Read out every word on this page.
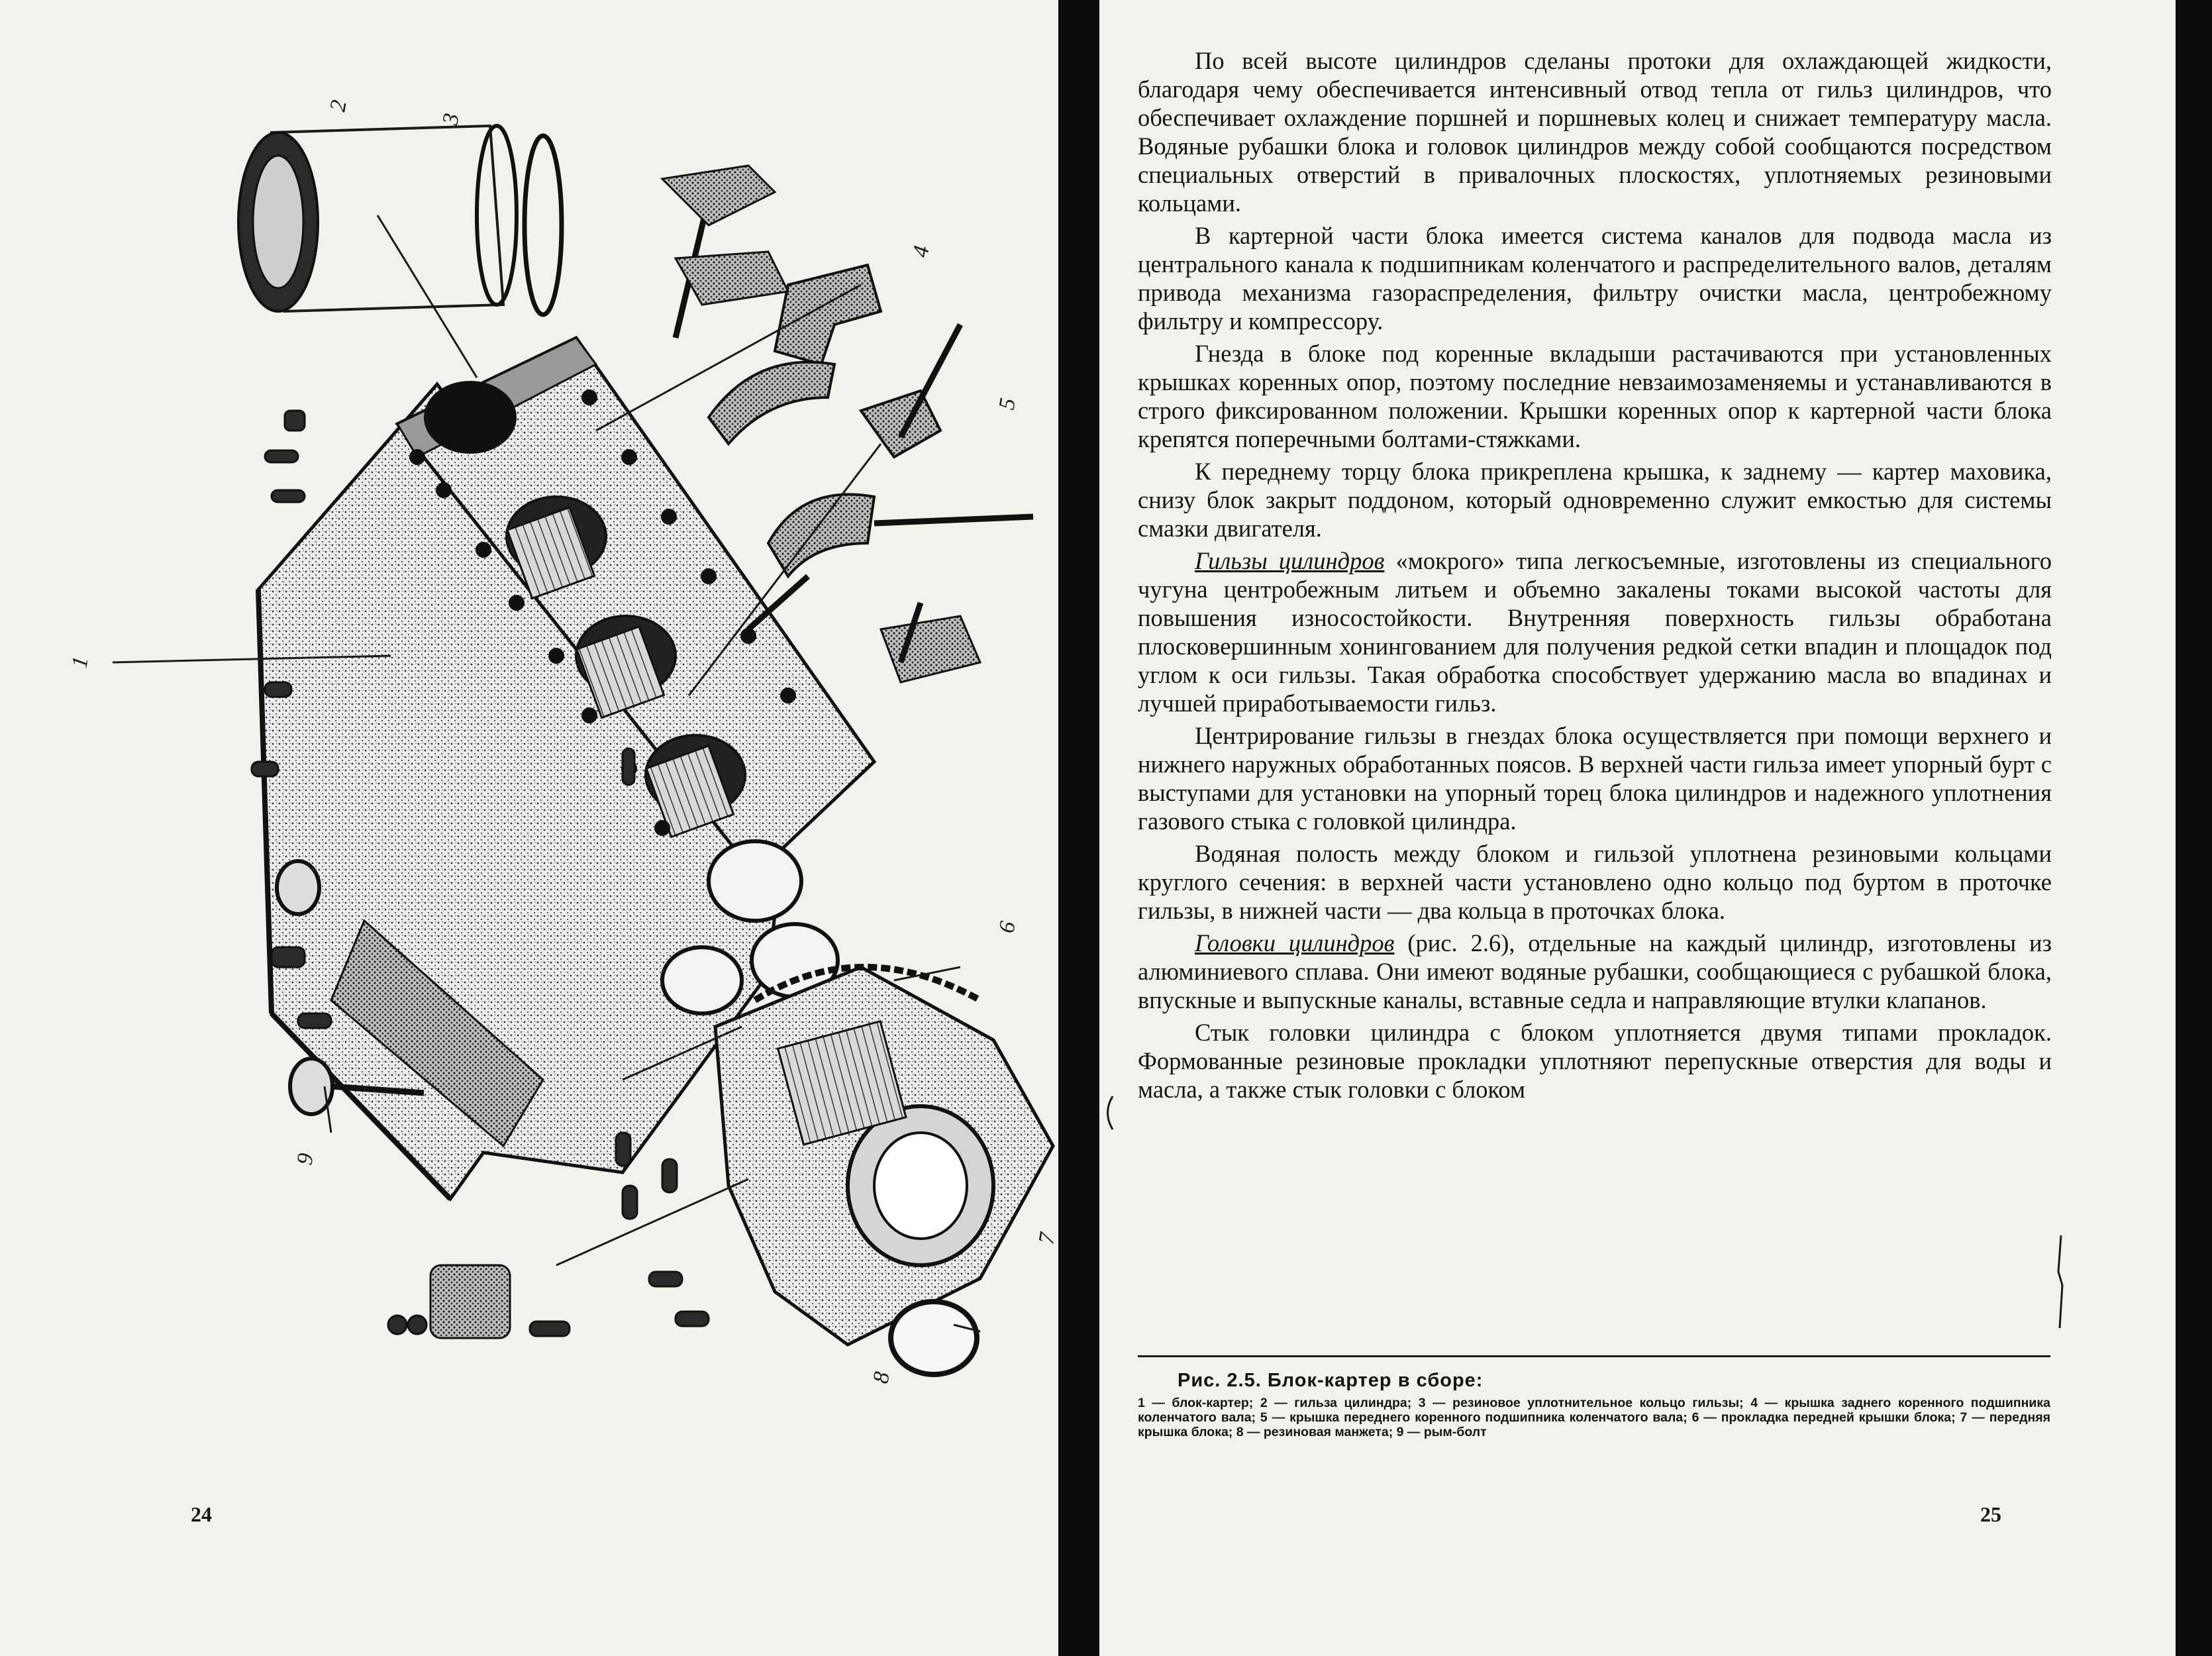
1
2
3
4
5
6
7
8
9
24

По всей высоте цилиндров сделаны протоки для охлаждающей жидкости, благодаря чему обеспечивается интенсивный отвод тепла от гильз цилиндров, что обеспечивает охлаждение поршней и поршневых колец и снижает температуру масла. Водяные рубашки блока и головок цилиндров между собой сообщаются посредством специальных отверстий в привалочных плоскостях, уплотняемых резиновыми кольцами.

В картерной части блока имеется система каналов для подвода масла из центрального канала к подшипникам коленчатого и распределительного валов, деталям привода механизма газораспределения, фильтру очистки масла, центробежному фильтру и компрессору.

Гнезда в блоке под коренные вкладыши растачиваются при установленных крышках коренных опор, поэтому последние невзаимозаменяемы и устанавливаются в строго фиксированном положении. Крышки коренных опор к картерной части блока крепятся поперечными болтами-стяжками.

К переднему торцу блока прикреплена крышка, к заднему — картер маховика, снизу блок закрыт поддоном, который одновременно служит емкостью для системы смазки двигателя.

Гильзы цилиндров «мокрого» типа легкосъемные, изготовлены из специального чугуна центробежным литьем и объемно закалены токами высокой частоты для повышения износостойкости. Внутренняя поверхность гильзы обработана плосковершинным хонингованием для получения редкой сетки впадин и площадок под углом к оси гильзы. Такая обработка способствует удержанию масла во впадинах и лучшей приработываемости гильз.

Центрирование гильзы в гнездах блока осуществляется при помощи верхнего и нижнего наружных обработанных поясов. В верхней части гильза имеет упорный бурт с выступами для установки на упорный торец блока цилиндров и надежного уплотнения газового стыка с головкой цилиндра.

Водяная полость между блоком и гильзой уплотнена резиновыми кольцами круглого сечения: в верхней части установлено одно кольцо под буртом в проточке гильзы, в нижней части — два кольца в проточках блока.

Головки цилиндров (рис. 2.6), отдельные на каждый цилиндр, изготовлены из алюминиевого сплава. Они имеют водяные рубашки, сообщающиеся с рубашкой блока, впускные и выпускные каналы, вставные седла и направляющие втулки клапанов.

Стык головки цилиндра с блоком уплотняется двумя типами прокладок. Формованные резиновые прокладки уплотняют перепускные отверстия для воды и масла, а также стык головки с блоком

Рис. 2.5. Блок-картер в сборе:

1 — блок-картер; 2 — гильза цилиндра; 3 — резиновое уплотнительное кольцо гильзы; 4 — крышка заднего коренного подшипника коленчатого вала; 5 — крышка переднего коренного подшипника коленчатого вала; 6 — прокладка передней крышки блока; 7 — передняя крышка блока; 8 — резиновая манжета; 9 — рым-болт

25
